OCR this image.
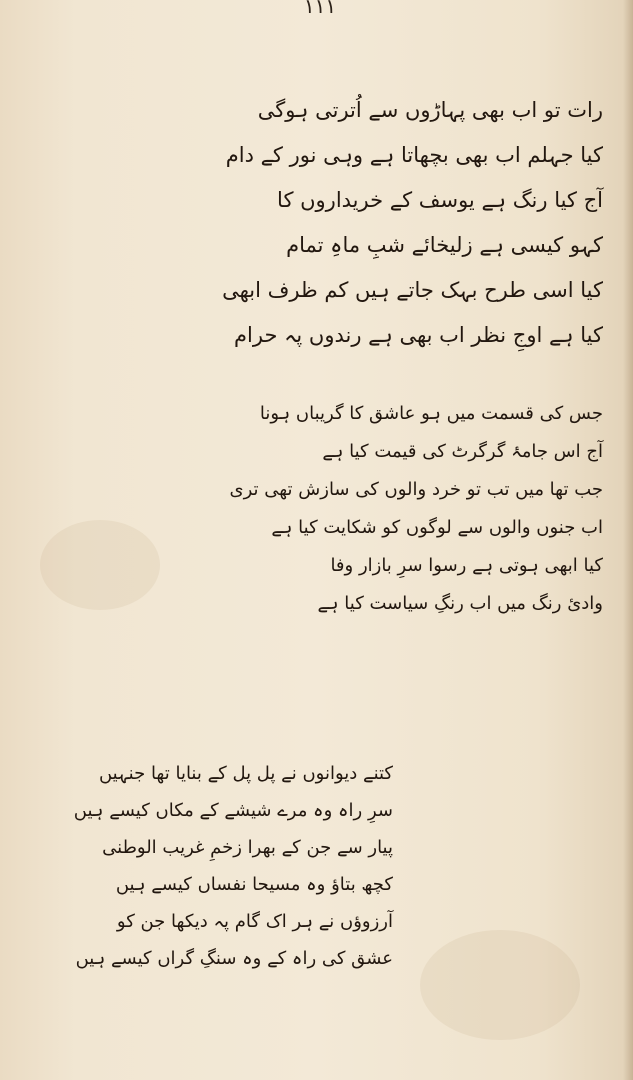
۱۱۱
رات تو اب بھی پہاڑوں سے اُترتی ہوگی
کیا جہلم اب بھی بچھاتا ہے وہی نور کے دام
آج کیا رنگ ہے یوسف کے خریداروں کا
کہو کیسی ہے زلیخائے شبِ ماہِ تمام
کیا اسی طرح بہک جاتے ہیں کم ظرف ابھی
کیا ہے اوجِ نظر اب بھی ہے رندوں پہ حرام
جس کی قسمت میں ہو عاشق کا گریباں ہونا
آج اس جامۂ گرگرٹ کی قیمت کیا ہے
جب تھا میں تب تو خرد والوں کی سازش تھی تری
اب جنوں والوں سے لوگوں کو شکایت کیا ہے
کیا ابھی ہوتی ہے رسوا سرِ بازار وفا
وادیٔ رنگ میں اب رنگِ سیاست کیا ہے
کتنے دیوانوں نے پل پل کے بنایا تھا جنہیں
سرِ راہ وہ مرے شیشے کے مکاں کیسے ہیں
پیار سے جن کے بھرا زخمِ غریب الوطنی
کچھ بتاؤ وہ مسیحا نفساں کیسے ہیں
آرزوؤں نے ہر اک گام پہ دیکھا جن کو
عشق کی راہ کے وہ سنگِ گراں کیسے ہیں
